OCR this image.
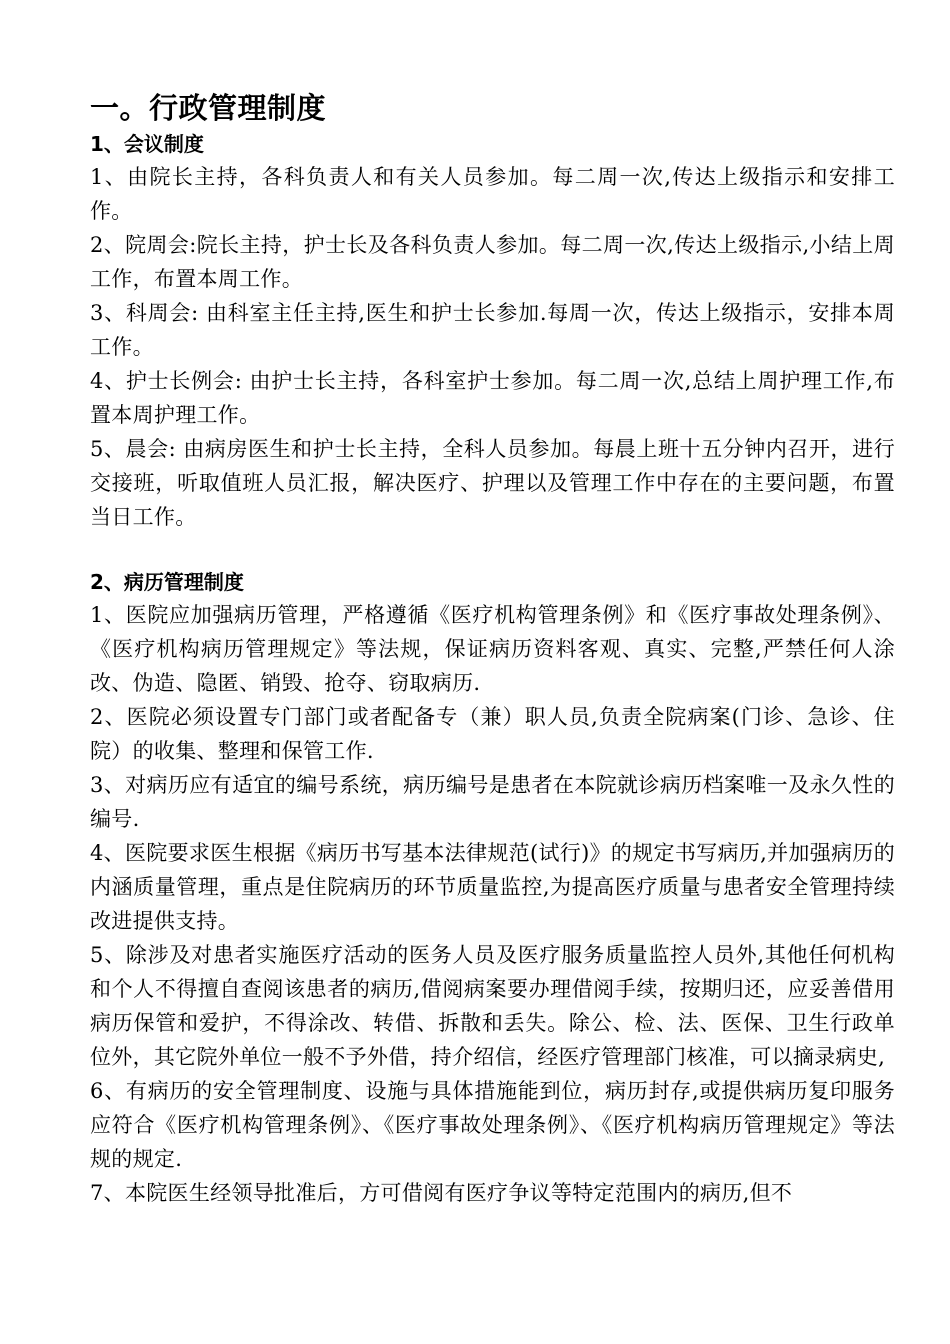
一。行政管理制度
1、会议制度

1、由院长主持，各科负责人和有关人员参加。每二周一次,传达上级指示和安排工作。

2、院周会:院长主持，护士长及各科负责人参加。每二周一次,传达上级指示,小结上周工作，布置本周工作。

3、科周会: 由科室主任主持,医生和护士长参加.每周一次，传达上级指示，安排本周工作。

4、护士长例会: 由护士长主持，各科室护士参加。每二周一次,总结上周护理工作,布置本周护理工作。

5、晨会: 由病房医生和护士长主持，全科人员参加。每晨上班十五分钟内召开，进行交接班，听取值班人员汇报，解决医疗、护理以及管理工作中存在的主要问题，布置当日工作。

2、病历管理制度

1、医院应加强病历管理，严格遵循《医疗机构管理条例》和《医疗事故处理条例》、《医疗机构病历管理规定》等法规，保证病历资料客观、真实、完整,严禁任何人涂改、伪造、隐匿、销毁、抢夺、窃取病历.

2、医院必须设置专门部门或者配备专（兼）职人员,负责全院病案(门诊、急诊、住院）的收集、整理和保管工作.

3、对病历应有适宜的编号系统，病历编号是患者在本院就诊病历档案唯一及永久性的编号.

4、医院要求医生根据《病历书写基本法律规范(试行)》的规定书写病历,并加强病历的内涵质量管理，重点是住院病历的环节质量监控,为提高医疗质量与患者安全管理持续改进提供支持。

5、除涉及对患者实施医疗活动的医务人员及医疗服务质量监控人员外,其他任何机构和个人不得擅自查阅该患者的病历,借阅病案要办理借阅手续，按期归还，应妥善借用病历保管和爱护，不得涂改、转借、拆散和丢失。除公、检、法、医保、卫生行政单位外，其它院外单位一般不予外借，持介绍信，经医疗管理部门核准，可以摘录病史,

6、有病历的安全管理制度、设施与具体措施能到位，病历封存,或提供病历复印服务应符合《医疗机构管理条例》、《医疗事故处理条例》、《医疗机构病历管理规定》等法规的规定.

7、本院医生经领导批准后，方可借阅有医疗争议等特定范围内的病历,但不
